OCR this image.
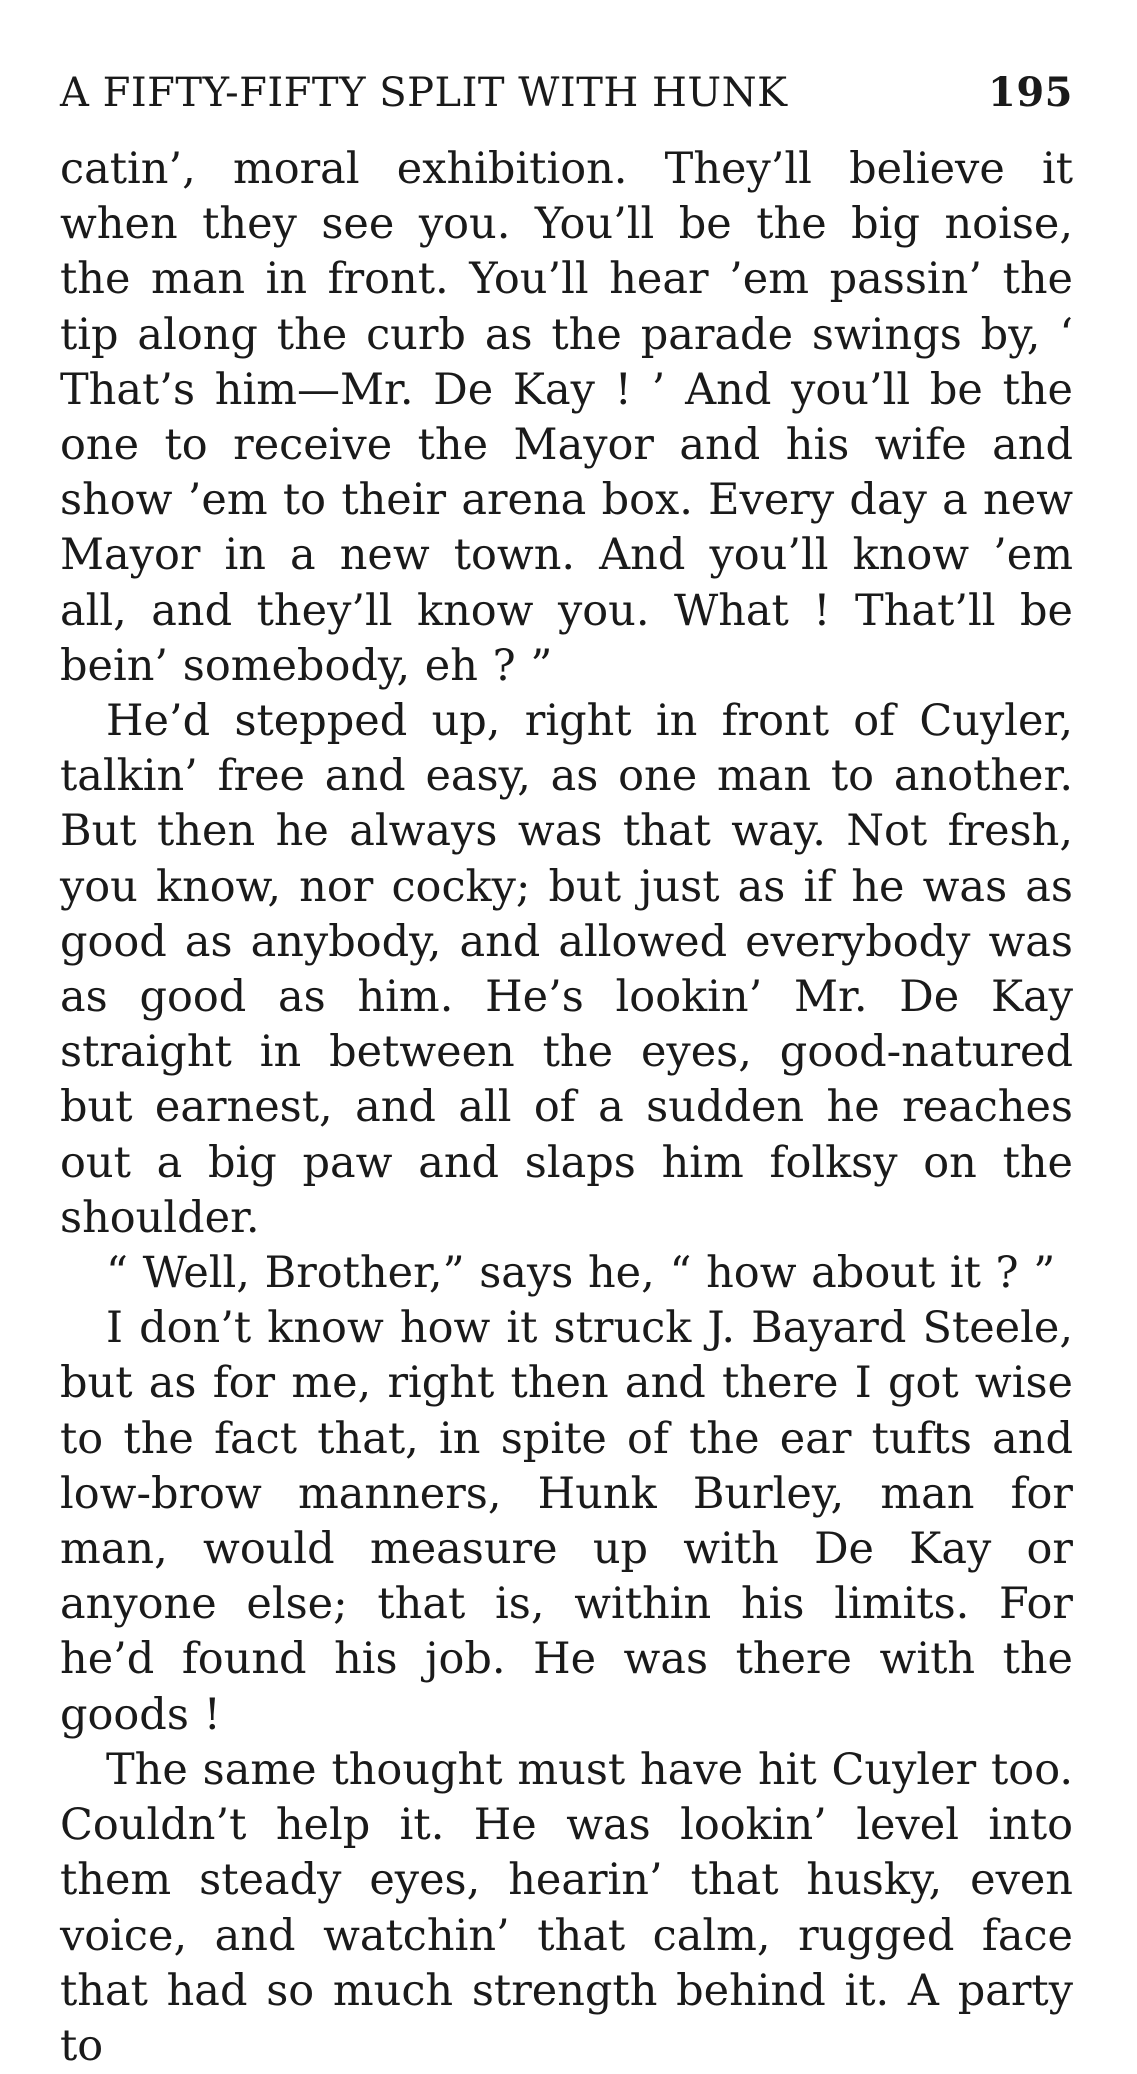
A FIFTY-FIFTY SPLIT WITH HUNK	195

catin’, moral exhibition. They’ll believe it when they see you. You’ll be the big noise, the man in front. You’ll hear ’em passin’ the tip along the curb as the parade swings by, ‘ That’s him—Mr. De Kay ! ’ And you’ll be the one to receive the Mayor and his wife and show ’em to their arena box. Every day a new Mayor in a new town. And you’ll know ’em all, and they’ll know you. What ! That’ll be bein’ somebody, eh ? ”

He’d stepped up, right in front of Cuyler, talkin’ free and easy, as one man to another. But then he always was that way. Not fresh, you know, nor cocky; but just as if he was as good as anybody, and allowed everybody was as good as him. He’s lookin’ Mr. De Kay straight in between the eyes, good-natured but earnest, and all of a sudden he reaches out a big paw and slaps him folksy on the shoulder.

“ Well, Brother,” says he, “ how about it ? ”

I don’t know how it struck J. Bayard Steele, but as for me, right then and there I got wise to the fact that, in spite of the ear tufts and low-brow manners, Hunk Burley, man for man, would measure up with De Kay or anyone else; that is, within his limits. For he’d found his job. He was there with the goods !

The same thought must have hit Cuyler too. Couldn’t help it. He was lookin’ level into them steady eyes, hearin’ that husky, even voice, and watchin’ that calm, rugged face that had so much strength behind it. A party to
